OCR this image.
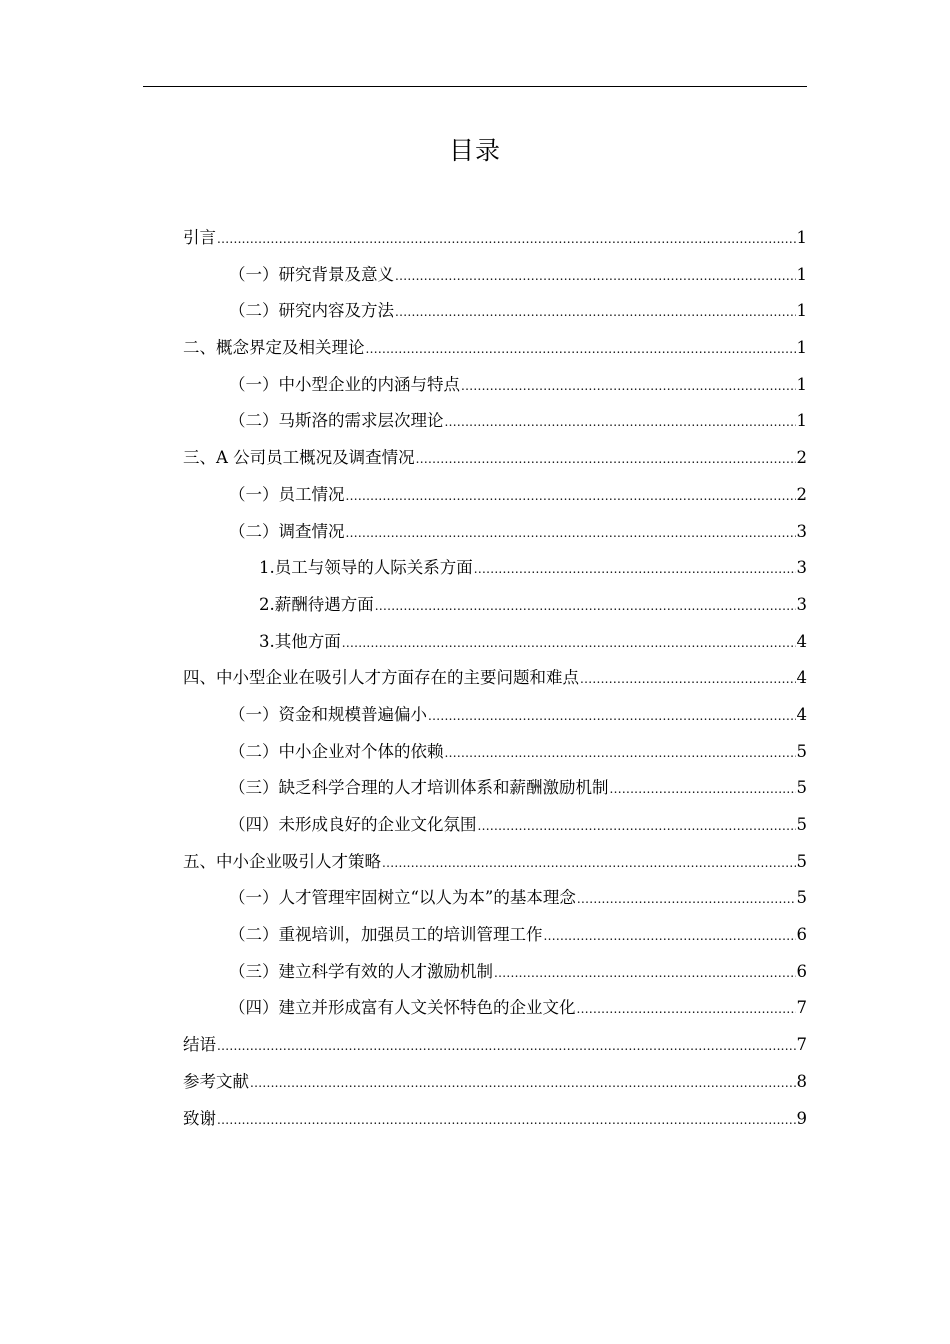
目录
引言 .....	1
（一）研究背景及意义 .....	1
（二）研究内容及方法 .....	1
二、概念界定及相关理论 .....	1
（一）中小型企业的内涵与特点 .....	1
（二）马斯洛的需求层次理论 .....	1
三、A 公司员工概况及调查情况 .....	2
（一）员工情况 .....	2
（二）调查情况 .....	3
1.员工与领导的人际关系方面 .....	3
2.薪酬待遇方面 .....	3
3.其他方面 .....	4
四、中小型企业在吸引人才方面存在的主要问题和难点 .....	4
（一）资金和规模普遍偏小 .....	4
（二）中小企业对个体的依赖 .....	5
（三）缺乏科学合理的人才培训体系和薪酬激励机制 .....	5
（四）未形成良好的企业文化氛围 .....	5
五、中小企业吸引人才策略 .....	5
（一）人才管理牢固树立“以人为本”的基本理念 .....	5
（二）重视培训，加强员工的培训管理工作 .....	6
（三）建立科学有效的人才激励机制 .....	6
（四）建立并形成富有人文关怀特色的企业文化 .....	7
结语 .....	7
参考文献 .....	8
致谢 .....	9
